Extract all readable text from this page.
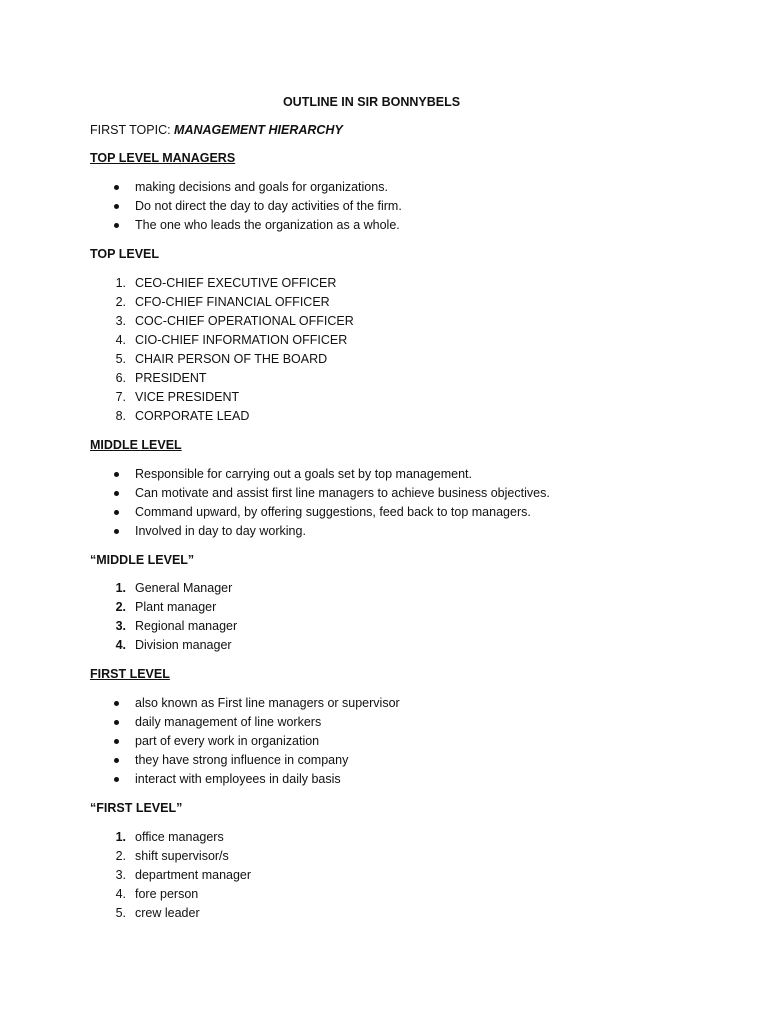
OUTLINE IN SIR BONNYBELS
FIRST TOPIC: MANAGEMENT HIERARCHY
TOP LEVEL MANAGERS
making decisions and goals for organizations.
Do not direct the day to day activities of the firm.
The one who leads the organization as a whole.
TOP LEVEL
1. CEO-CHIEF EXECUTIVE OFFICER
2. CFO-CHIEF FINANCIAL OFFICER
3. COC-CHIEF OPERATIONAL OFFICER
4. CIO-CHIEF INFORMATION OFFICER
5. CHAIR PERSON OF THE BOARD
6. PRESIDENT
7. VICE PRESIDENT
8. CORPORATE LEAD
MIDDLE LEVEL
Responsible for carrying out a goals set by top management.
Can motivate and assist first line managers to achieve business objectives.
Command upward, by offering suggestions, feed back to top managers.
Involved in day to day working.
“MIDDLE LEVEL”
1. General Manager
2. Plant manager
3. Regional manager
4. Division manager
FIRST LEVEL
also known as First line managers or supervisor
daily management of line workers
part of every work in organization
they have strong influence in company
interact with employees in daily basis
“FIRST LEVEL”
1. office managers
2. shift supervisor/s
3. department manager
4. fore person
5. crew leader
